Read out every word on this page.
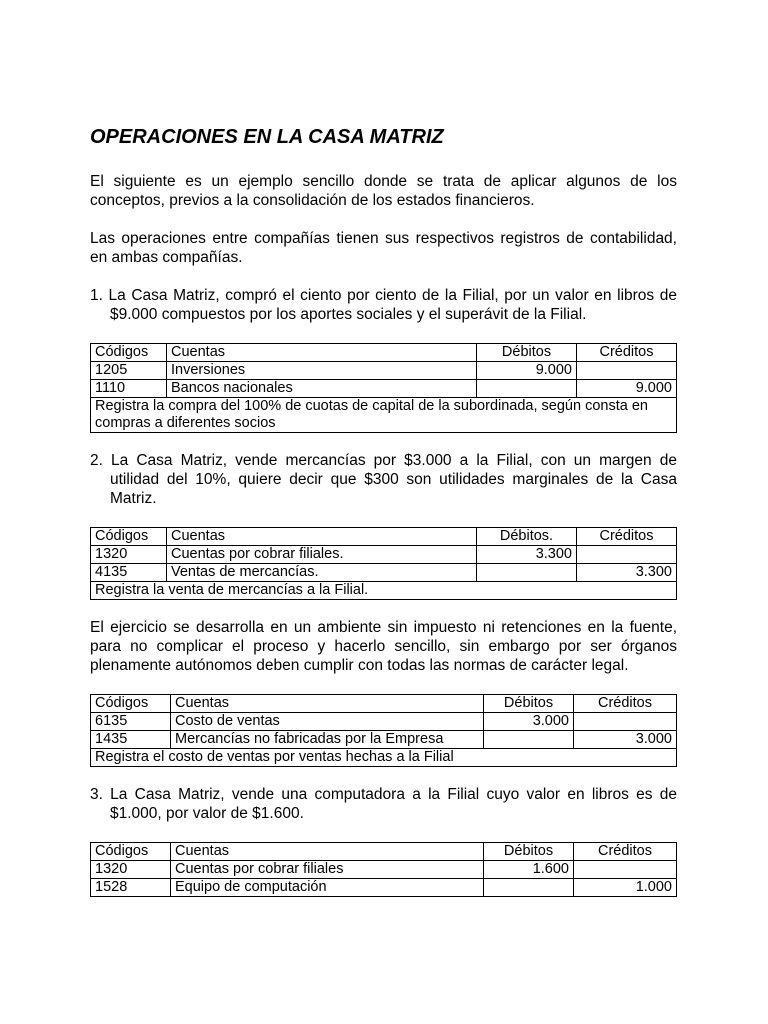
OPERACIONES EN LA CASA MATRIZ

El siguiente es un ejemplo sencillo donde se trata de aplicar algunos de los conceptos, previos a la consolidación de los estados financieros.

Las operaciones entre compañías tienen sus respectivos registros de contabilidad, en ambas compañías.

1. La Casa Matriz, compró el ciento por ciento de la Filial, por un valor en libros de $9.000 compuestos por los aportes sociales y el superávit de la Filial.

Códigos	Cuentas	Débitos	Créditos
1205	Inversiones	9.000	
1110	Bancos nacionales		9.000
Registra la compra del 100% de cuotas de capital de la subordinada, según consta en compras a diferentes socios			

2. La Casa Matriz, vende mercancías por $3.000 a la Filial, con un margen de utilidad del 10%, quiere decir que $300 son utilidades marginales de la Casa Matriz.

Códigos	Cuentas	Débitos.	Créditos
1320	Cuentas por cobrar filiales.	3.300	
4135	Ventas de mercancías.		3.300
Registra la venta de mercancías a la Filial.			

El ejercicio se desarrolla en un ambiente sin impuesto ni retenciones en la fuente, para no complicar el proceso y hacerlo sencillo, sin embargo por ser órganos plenamente autónomos deben cumplir con todas las normas de carácter legal.

Códigos	Cuentas	Débitos	Créditos
6135	Costo de ventas	3.000	
1435	Mercancías no fabricadas por la Empresa		3.000
Registra el costo de ventas por ventas hechas a la Filial			

3. La Casa Matriz, vende una computadora a la Filial cuyo valor en libros es de $1.000, por valor de $1.600.

Códigos	Cuentas	Débitos	Créditos
1320	Cuentas por cobrar filiales	1.600	
1528	Equipo de computación		1.000
